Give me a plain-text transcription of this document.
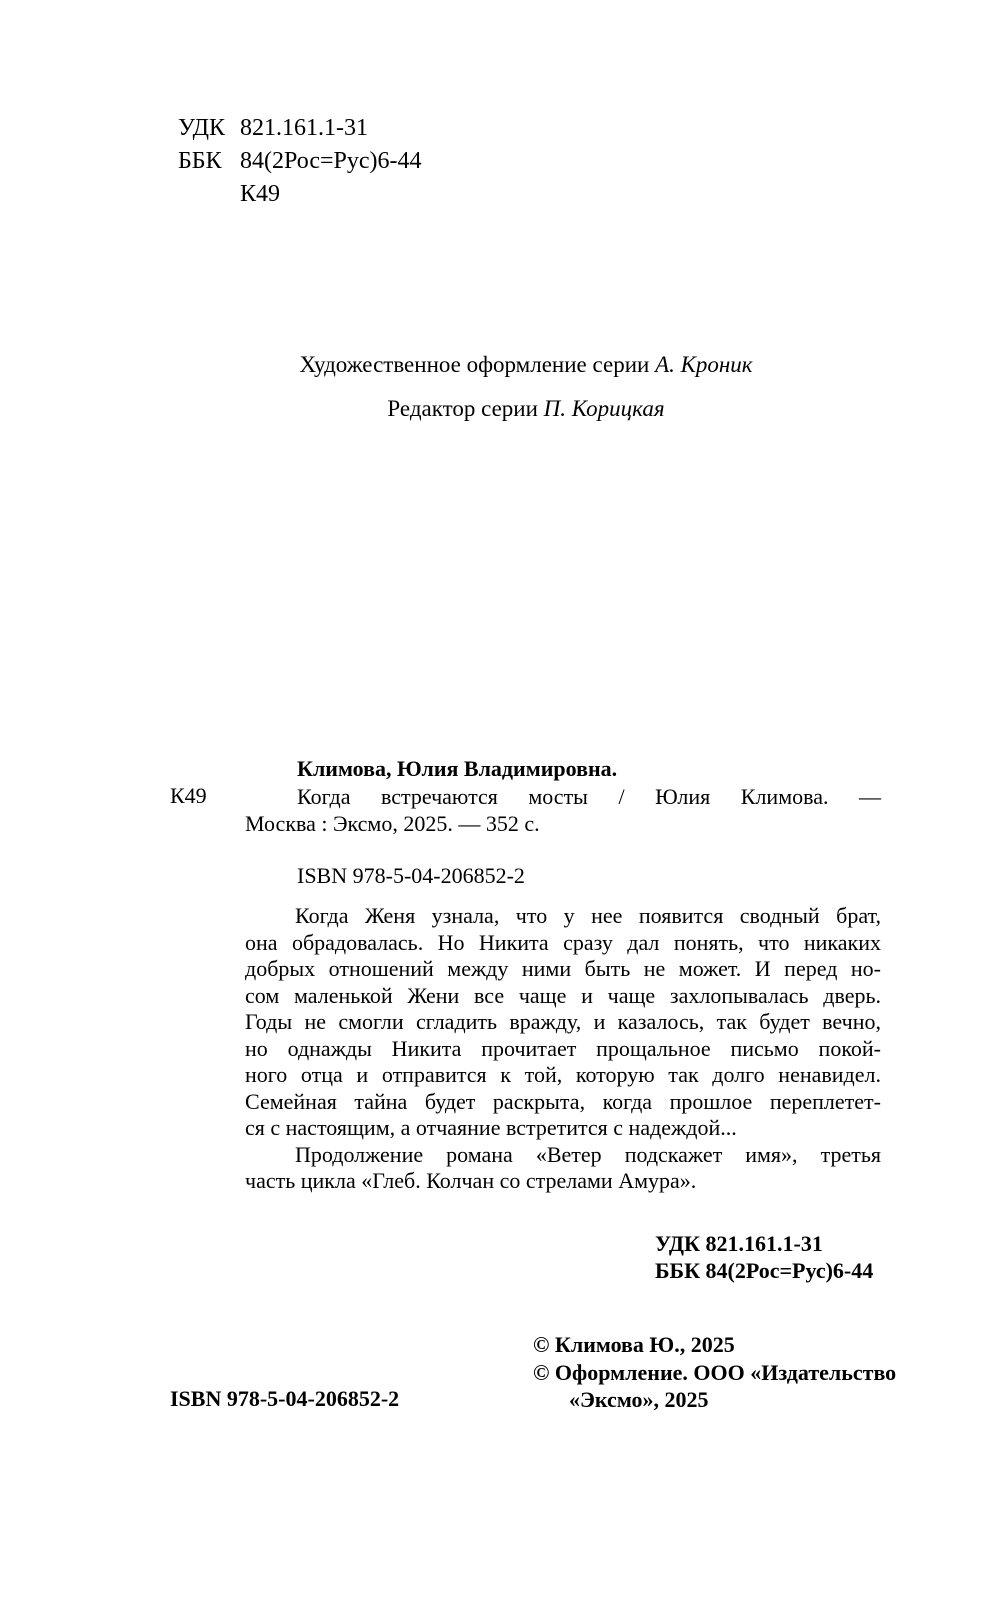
УДК 821.161.1-31
ББК 84(2Рос=Рус)6-44
К49
Художественное оформление серии А. Кроник
Редактор серии П. Корицкая
К49
Климова, Юлия Владимировна.
Когда встречаются мосты / Юлия Климова. —
Москва : Эксмо, 2025. — 352 с.
ISBN 978-5-04-206852-2
Когда Женя узнала, что у нее появится сводный брат,
она обрадовалась. Но Никита сразу дал понять, что никаких
добрых отношений между ними быть не может. И перед но-
сом маленькой Жени все чаще и чаще захлопывалась дверь.
Годы не смогли сгладить вражду, и казалось, так будет вечно,
но однажды Никита прочитает прощальное письмо покой-
ного отца и отправится к той, которую так долго ненавидел.
Семейная тайна будет раскрыта, когда прошлое переплетет-
ся с настоящим, а отчаяние встретится с надеждой...
Продолжение романа «Ветер подскажет имя», третья
часть цикла «Глеб. Колчан со стрелами Амура».
УДК 821.161.1-31
ББК 84(2Рос=Рус)6-44
© Климова Ю., 2025
© Оформление. ООО «Издательство
«Эксмо», 2025
ISBN 978-5-04-206852-2
